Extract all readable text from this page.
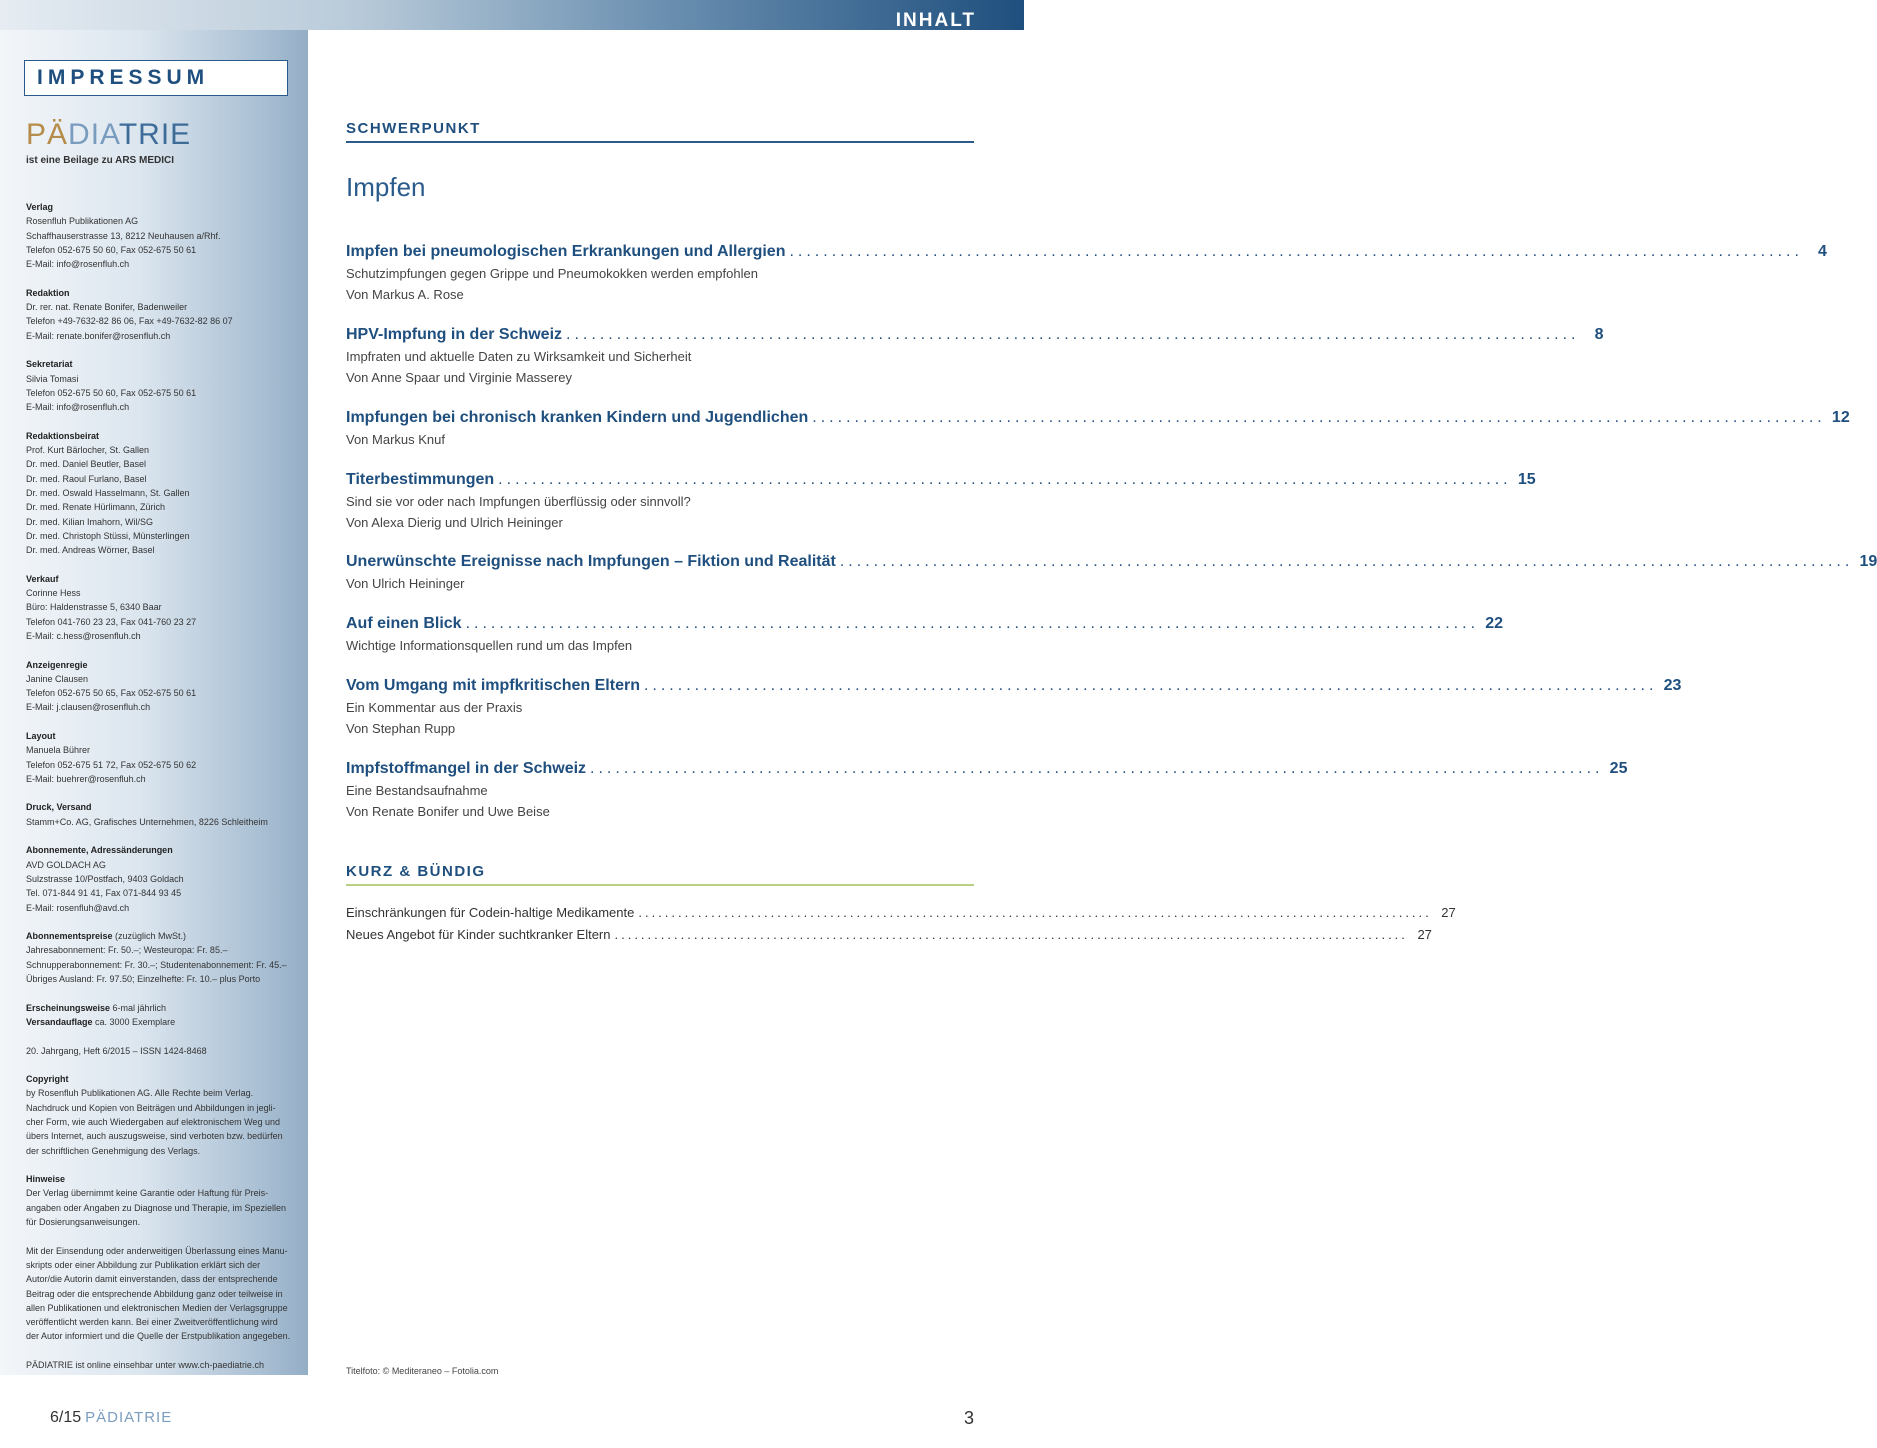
INHALT
IMPRESSUM
PÄDIATRIE
ist eine Beilage zu ARS MEDICI
Verlag
Rosenfluh Publikationen AG
Schaffhauserstrasse 13, 8212 Neuhausen a/Rhf.
Telefon 052-675 50 60, Fax 052-675 50 61
E-Mail: info@rosenfluh.ch
Redaktion
Dr. rer. nat. Renate Bonifer, Badenweiler
Telefon +49-7632-82 86 06, Fax +49-7632-82 86 07
E-Mail: renate.bonifer@rosenfluh.ch
Sekretariat
Silvia Tomasi
Telefon 052-675 50 60, Fax 052-675 50 61
E-Mail: info@rosenfluh.ch
Redaktionsbeirat
Prof. Kurt Bärlocher, St. Gallen
Dr. med. Daniel Beutler, Basel
Dr. med. Raoul Furlano, Basel
Dr. med. Oswald Hasselmann, St. Gallen
Dr. med. Renate Hürlimann, Zürich
Dr. med. Kilian Imahorn, Wil/SG
Dr. med. Christoph Stüssi, Münsterlingen
Dr. med. Andreas Wörner, Basel
Verkauf
Corinne Hess
Büro: Haldenstrasse 5, 6340 Baar
Telefon 041-760 23 23, Fax 041-760 23 27
E-Mail: c.hess@rosenfluh.ch
Anzeigenregie
Janine Clausen
Telefon 052-675 50 65, Fax 052-675 50 61
E-Mail: j.clausen@rosenfluh.ch
Layout
Manuela Bührer
Telefon 052-675 51 72, Fax 052-675 50 62
E-Mail: buehrer@rosenfluh.ch
Druck, Versand
Stamm+Co. AG, Grafisches Unternehmen, 8226 Schleitheim
Abonnemente, Adressänderungen
AVD GOLDACH AG
Sulzstrasse 10/Postfach, 9403 Goldach
Tel. 071-844 91 41, Fax 071-844 93 45
E-Mail: rosenfluh@avd.ch
Abonnementspreise (zuzüglich MwSt.)
Jahresabonnement: Fr. 50.–; Westeuropa: Fr. 85.–
Schnupperabonnement: Fr. 30.–; Studentenabonnement: Fr. 45.–
Übriges Ausland: Fr. 97.50; Einzelhefte: Fr. 10.– plus Porto
Erscheinungsweise 6-mal jährlich
Versandauflage ca. 3000 Exemplare
20. Jahrgang, Heft 6/2015 – ISSN 1424-8468
Copyright
by Rosenfluh Publikationen AG. Alle Rechte beim Verlag.
Nachdruck und Kopien von Beiträgen und Abbildungen in jegli-
cher Form, wie auch Wiedergaben auf elektronischem Weg und
übers Internet, auch auszugsweise, sind verboten bzw. bedürfen
der schriftlichen Genehmigung des Verlags.
Hinweise
Der Verlag übernimmt keine Garantie oder Haftung für Preis-
angaben oder Angaben zu Diagnose und Therapie, im Speziellen
für Dosierungsanweisungen.
Mit der Einsendung oder anderweitigen Überlassung eines Manu-
skripts oder einer Abbildung zur Publikation erklärt sich der
Autor/die Autorin damit einverstanden, dass der entsprechende
Beitrag oder die entsprechende Abbildung ganz oder teilweise in
allen Publikationen und elektronischen Medien der Verlagsgruppe
veröffentlicht werden kann. Bei einer Zweitveröffentlichung wird
der Autor informiert und die Quelle der Erstpublikation angegeben.
PÄDIATRIE ist online einsehbar unter www.ch-paediatrie.ch
SCHWERPUNKT
Impfen
Impfen bei pneumologischen Erkrankungen und Allergien ........................................................................................................................ 4
Schutzimpfungen gegen Grippe und Pneumokokken werden empfohlen
Von Markus A. Rose
HPV-Impfung in der Schweiz ........................................................................................................................ 8
Impfraten und aktuelle Daten zu Wirksamkeit und Sicherheit
Von Anne Spaar und Virginie Masserey
Impfungen bei chronisch kranken Kindern und Jugendlichen ........................................................................................................................ 12
Von Markus Knuf
Titerbestimmungen ........................................................................................................................ 15
Sind sie vor oder nach Impfungen überflüssig oder sinnvoll?
Von Alexa Dierig und Ulrich Heininger
Unerwünschte Ereignisse nach Impfungen – Fiktion und Realität ........................................................................................................................ 19
Von Ulrich Heininger
Auf einen Blick ........................................................................................................................ 22
Wichtige Informationsquellen rund um das Impfen
Vom Umgang mit impfkritischen Eltern ........................................................................................................................ 23
Ein Kommentar aus der Praxis
Von Stephan Rupp
Impfstoffmangel in der Schweiz ........................................................................................................................ 25
Eine Bestandsaufnahme
Von Renate Bonifer und Uwe Beise
KURZ & BÜNDIG
Einschränkungen für Codein-haltige Medikamente ........................................................................................................................ 27
Neues Angebot für Kinder suchtkranker Eltern ........................................................................................................................ 27
Titelfoto: © Mediteraneo – Fotolia.com
6/15 PÄDIATRIE	3
